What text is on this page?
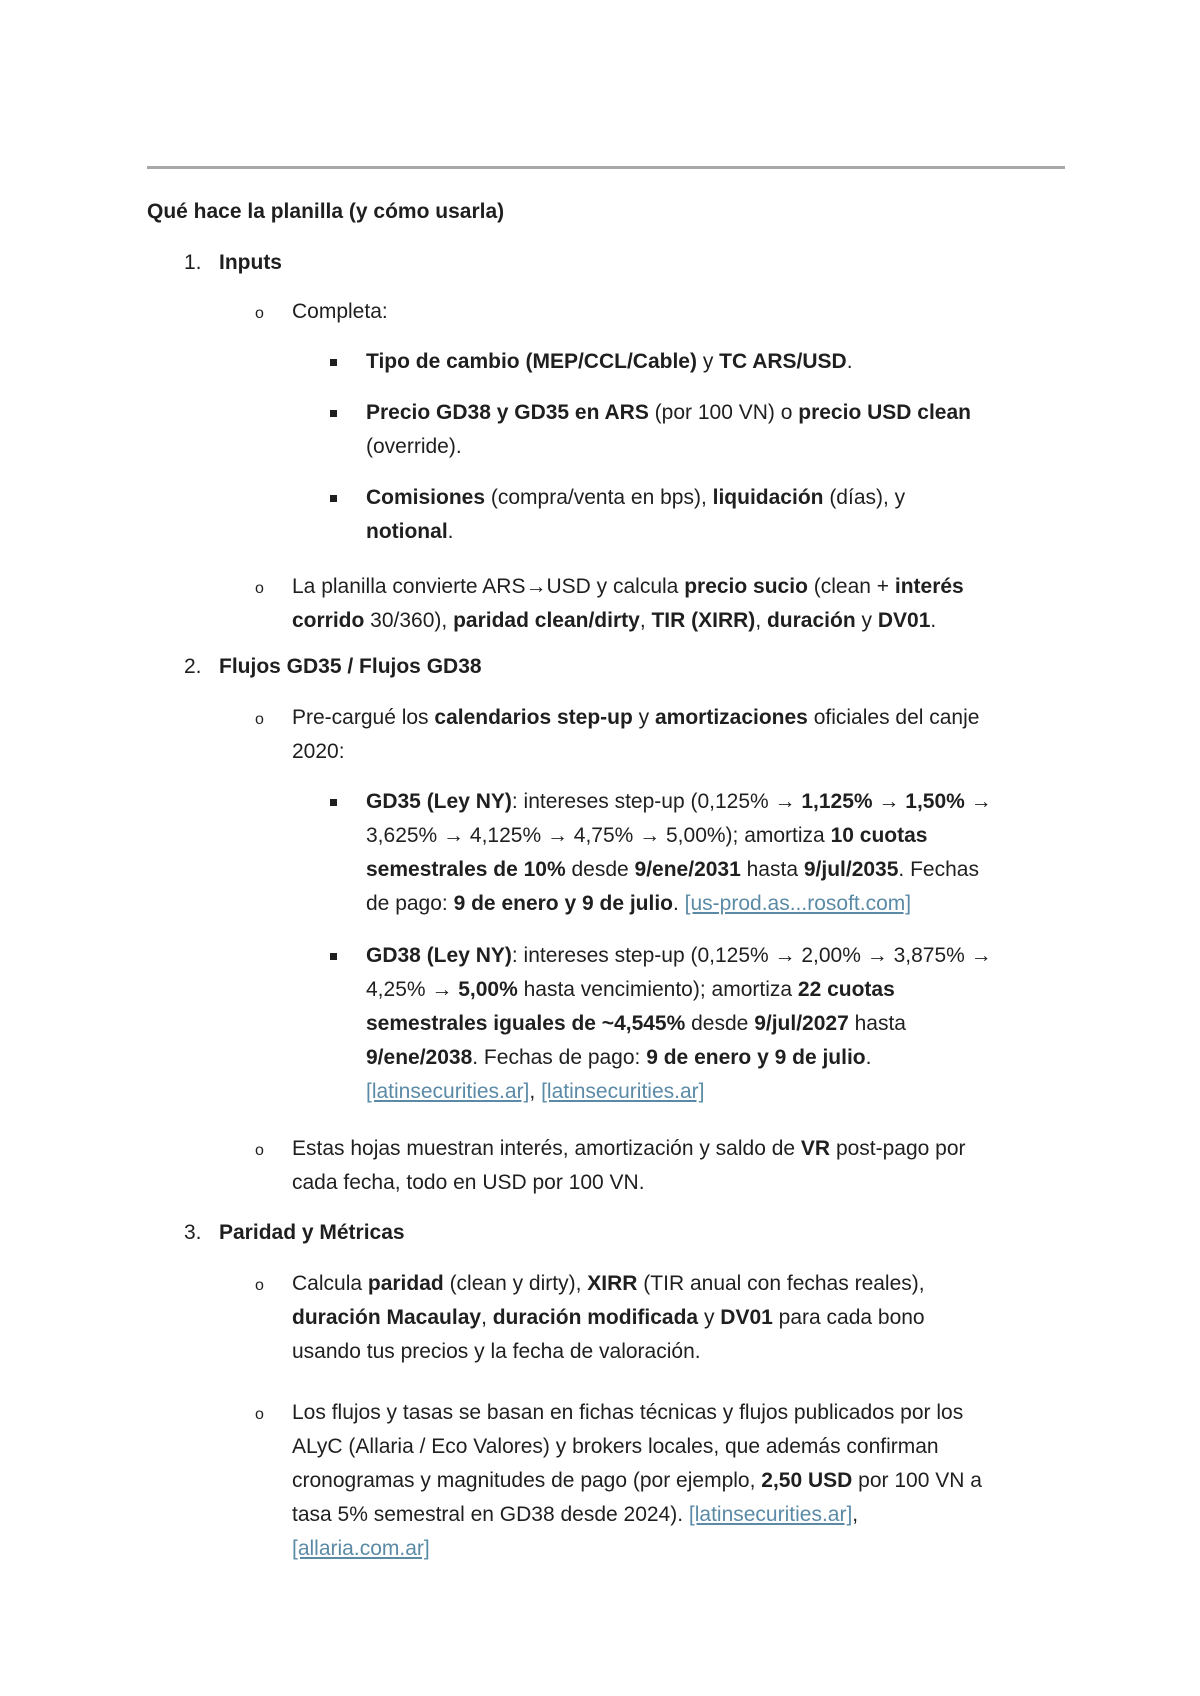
Qué hace la planilla (y cómo usarla)
1. Inputs
o Completa:
Tipo de cambio (MEP/CCL/Cable) y TC ARS/USD.
Precio GD38 y GD35 en ARS (por 100 VN) o precio USD clean
(override).
Comisiones (compra/venta en bps), liquidación (días), y
notional.
o La planilla convierte ARS→USD y calcula precio sucio (clean + interés
corrido 30/360), paridad clean/dirty, TIR (XIRR), duración y DV01.
2. Flujos GD35 / Flujos GD38
o Pre-cargué los calendarios step-up y amortizaciones oficiales del canje
2020:
GD35 (Ley NY): intereses step-up (0,125% → 1,125% → 1,50% →
3,625% → 4,125% → 4,75% → 5,00%); amortiza 10 cuotas
semestrales de 10% desde 9/ene/2031 hasta 9/jul/2035. Fechas
de pago: 9 de enero y 9 de julio. [us-prod.as...rosoft.com]
GD38 (Ley NY): intereses step-up (0,125% → 2,00% → 3,875% →
4,25% → 5,00% hasta vencimiento); amortiza 22 cuotas
semestrales iguales de ~4,545% desde 9/jul/2027 hasta
9/ene/2038. Fechas de pago: 9 de enero y 9 de julio.
[latinsecurities.ar], [latinsecurities.ar]
o Estas hojas muestran interés, amortización y saldo de VR post-pago por
cada fecha, todo en USD por 100 VN.
3. Paridad y Métricas
o Calcula paridad (clean y dirty), XIRR (TIR anual con fechas reales),
duración Macaulay, duración modificada y DV01 para cada bono
usando tus precios y la fecha de valoración.
o Los flujos y tasas se basan en fichas técnicas y flujos publicados por los
ALyC (Allaria / Eco Valores) y brokers locales, que además confirman
cronogramas y magnitudes de pago (por ejemplo, 2,50 USD por 100 VN a
tasa 5% semestral en GD38 desde 2024). [latinsecurities.ar],
[allaria.com.ar]
